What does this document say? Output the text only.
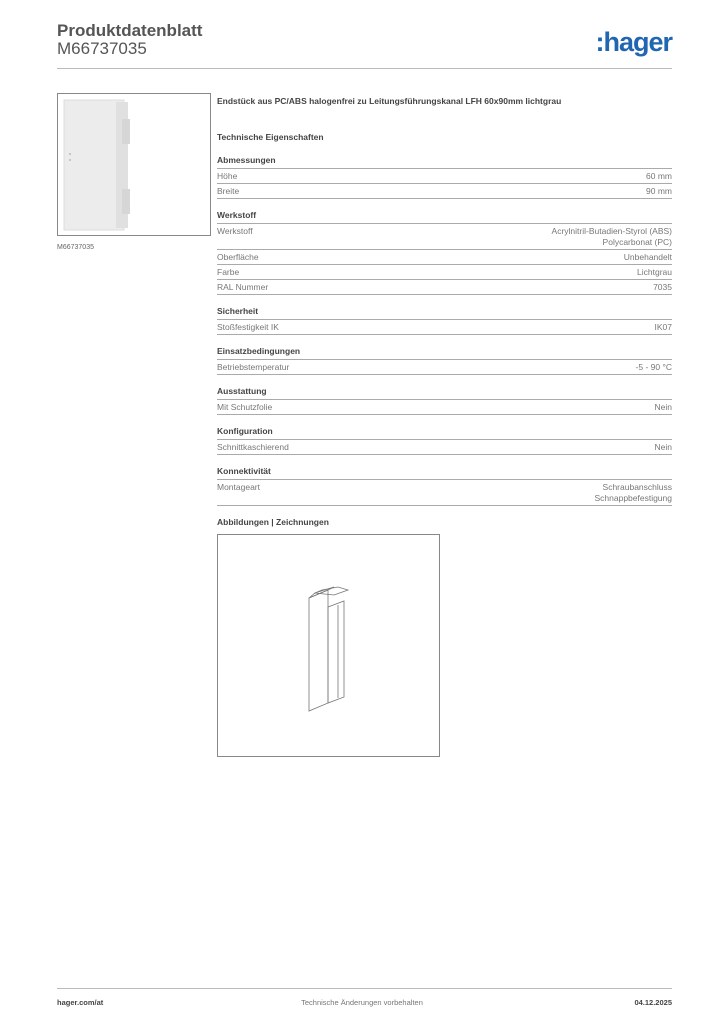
Produktdatenblatt
M66737035	:hager
M66737035
Endstück aus PC/ABS halogenfrei zu Leitungsführungskanal LFH 60x90mm lichtgrau
Technische Eigenschaften
Abmessungen
Höhe	60 mm
Breite	90 mm
Werkstoff
Werkstoff	Acrylnitril-Butadien-Styrol (ABS)
Polycarbonat (PC)
Oberfläche	Unbehandelt
Farbe	Lichtgrau
RAL Nummer	7035
Sicherheit
Stoßfestigkeit IK	IK07
Einsatzbedingungen
Betriebstemperatur	-5 - 90 °C
Ausstattung
Mit Schutzfolie	Nein
Konfiguration
Schnittkaschierend	Nein
Konnektivität
Montageart	Schraubanschluss
Schnappbefestigung
Abbildungen | Zeichnungen
hager.com/at	Technische Änderungen vorbehalten	04.12.2025
